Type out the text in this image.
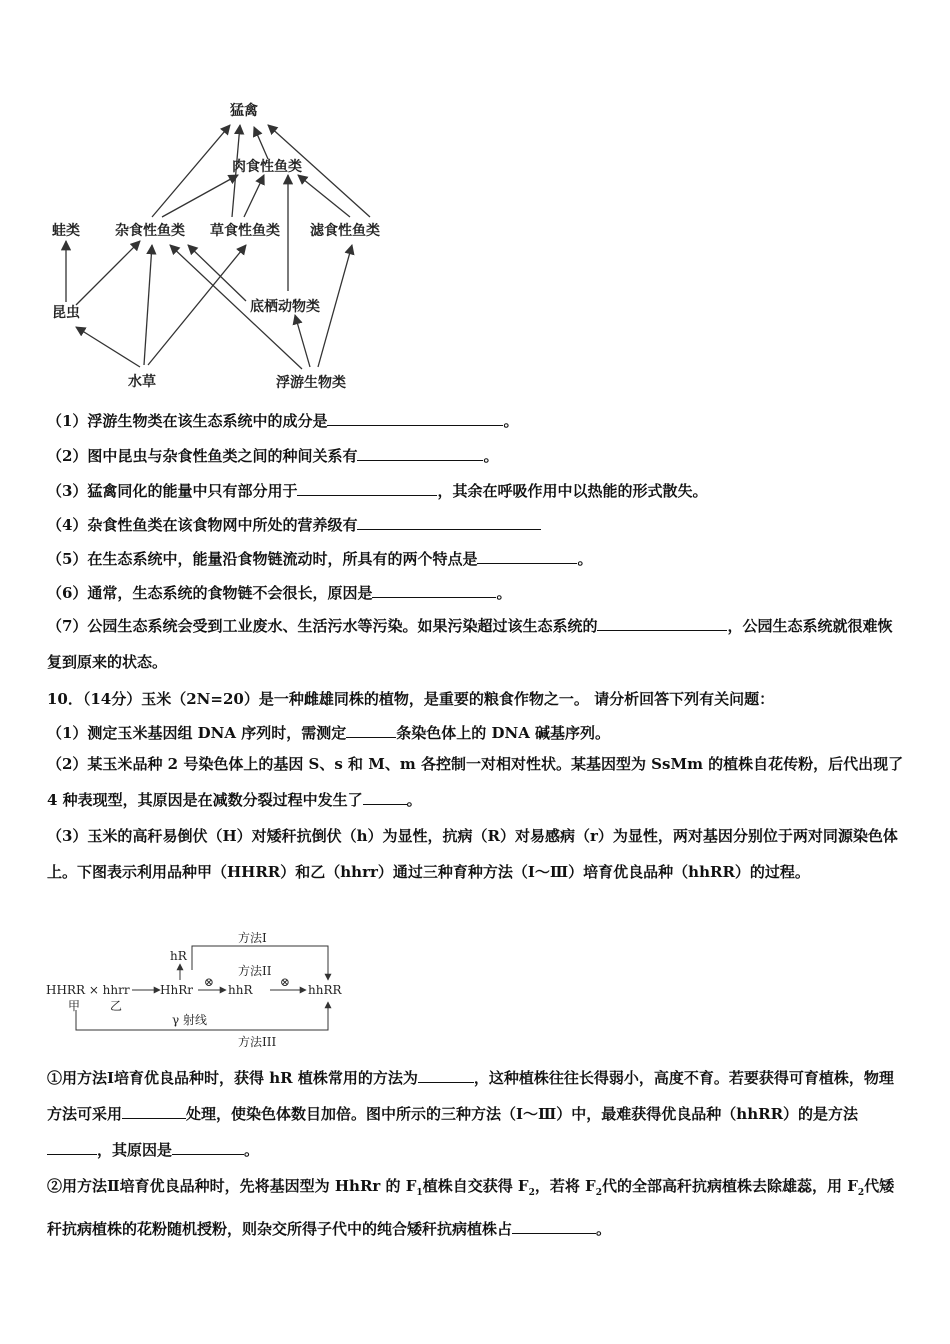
猛禽
肉食性鱼类
蛙类	杂食性鱼类 草食性鱼类 滤食性鱼类
昆虫	底栖动物类
水草	浮游生物类
（1）浮游生物类在该生态系统中的成分是	。
（2）图中昆虫与杂食性鱼类之间的种间关系有	。
（3）猛禽同化的能量中只有部分用于	，其余在呼吸作用中以热能的形式散失。
（4）杂食性鱼类在该食物网中所处的营养级有
（5）在生态系统中，能量沿食物链流动时，所具有的两个特点是	。
（6）通常，生态系统的食物链不会很长，原因是	。
（7）公园生态系统会受到工业废水、生活污水等污染。如果污染超过该生态系统的	，公园生态系统就很难恢复到原来的状态。
10．（14分）玉米（2N=20）是一种雌雄同株的植物，是重要的粮食作物之一。 请分析回答下列有关问题：
（1）测定玉米基因组 DNA 序列时，需测定	条染色体上的 DNA 碱基序列。
（2）某玉米品种 2 号染色体上的基因 S、s 和 M、m 各控制一对相对性状。某基因型为 SsMm 的植株自花传粉，后代出现了 4 种表现型，其原因是在减数分裂过程中发生了	。
（3）玉米的高秆易倒伏（H）对矮秆抗倒伏（h）为显性，抗病（R）对易感病（r）为显性，两对基因分别位于两对同源染色体上。下图表示利用品种甲（HHRR）和乙（hhrr）通过三种育种方法（Ⅰ～Ⅲ）培育优良品种（hhRR）的过程。
方法I
hR
方法II
⊗	⊗
HHRR × hhrr	HhRr	hhR	hhRR
甲 乙
γ 射线
方法III
①用方法Ⅰ培育优良品种时，获得 hR 植株常用的方法为	，这种植株往往长得弱小，高度不育。若要获得可育植株，物理方法可采用	处理，使染色体数目加倍。图中所示的三种方法（Ⅰ～Ⅲ）中，最难获得优良品种（hhRR）的是方法，其原因是	。
②用方法Ⅱ培育优良品种时，先将基因型为 HhRr 的 $F_1$植株自交获得 $F_2$，若将 $F_2$代的全部高秆抗病植株去除雄蕊，用 $F_2$代矮秆抗病植株的花粉随机授粉，则杂交所得子代中的纯合矮秆抗病植株占	。
